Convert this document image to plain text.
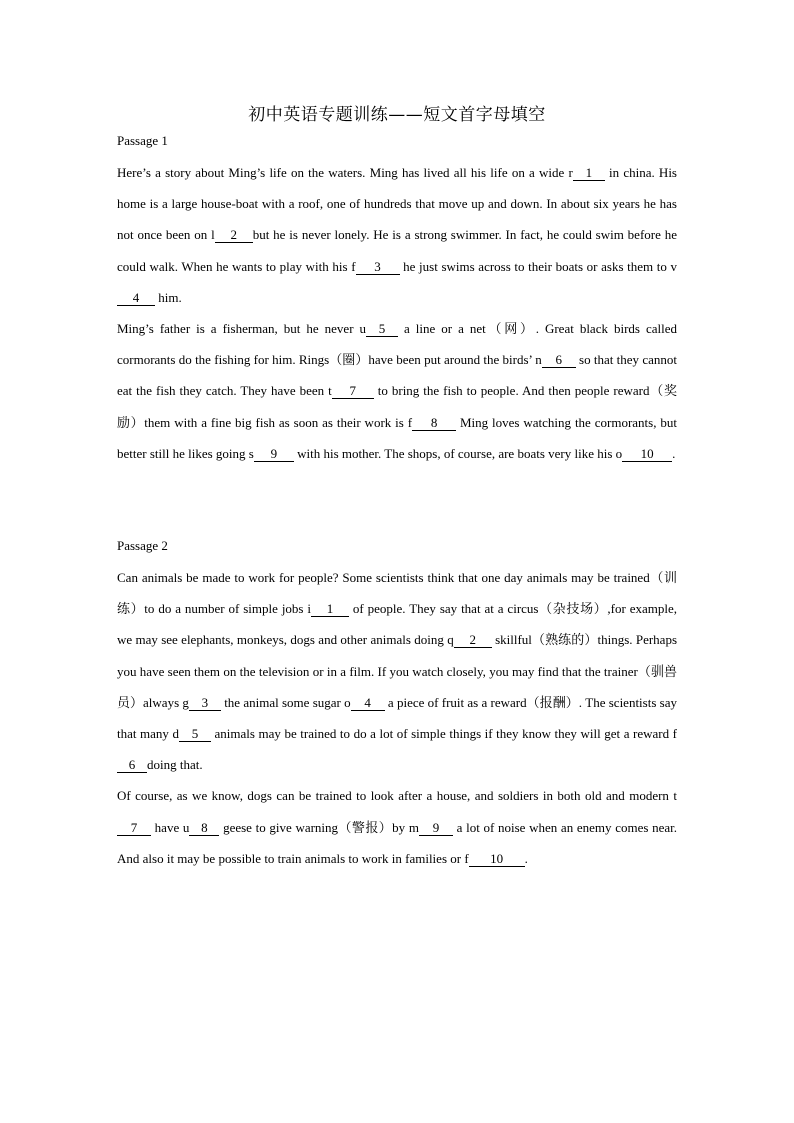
初中英语专题训练——短文首字母填空
Passage 1

Here’s a story about Ming’s life on the waters. Ming has lived all his life on a wide r 1 in china. His home is a large house-boat with a roof, one of hundreds that move up and down. In about six years he has not once been on l 2 but he is never lonely. He is a strong swimmer. In fact, he could swim before he could walk. When he wants to play with his f 3 he just swims across to their boats or asks them to v4 him.

Ming’s father is a fisherman, but he never u 5 a line or a net（网）. Great black birds called cormorants do the fishing for him. Rings（圈）have been put around the birds’ n 6 so that they cannot eat the fish they catch. They have been t 7 to bring the fish to people. And then people reward（奖励）them with a fine big fish as soon as their work is f 8 Ming loves watching the cormorants, but better still he likes going s 9 with his mother. The shops, of course, are boats very like his o 10 .

Passage 2

Can animals be made to work for people? Some scientists think that one day animals may be trained（训练）to do a number of simple jobs i 1 of people. They say that at a circus（杂技场）,for example, we may see elephants, monkeys, dogs and other animals doing q 2 skillful（熟练的）things. Perhaps you have seen them on the television or in a film. If you watch closely, you may find that the trainer（驯兽员）always g 3 the animal some sugar o 4 a piece of fruit as a reward（报酬）. The scientists say that many d 5 animals may be trained to do a lot of simple things if they know they will get a reward f6 doing that.

Of course, as we know, dogs can be trained to look after a house, and soldiers in both old and modern t7 have u 8 geese to give warning（警报）by m 9 a lot of noise when an enemy comes near. And also it may be possible to train animals to work in families or f 10 .
